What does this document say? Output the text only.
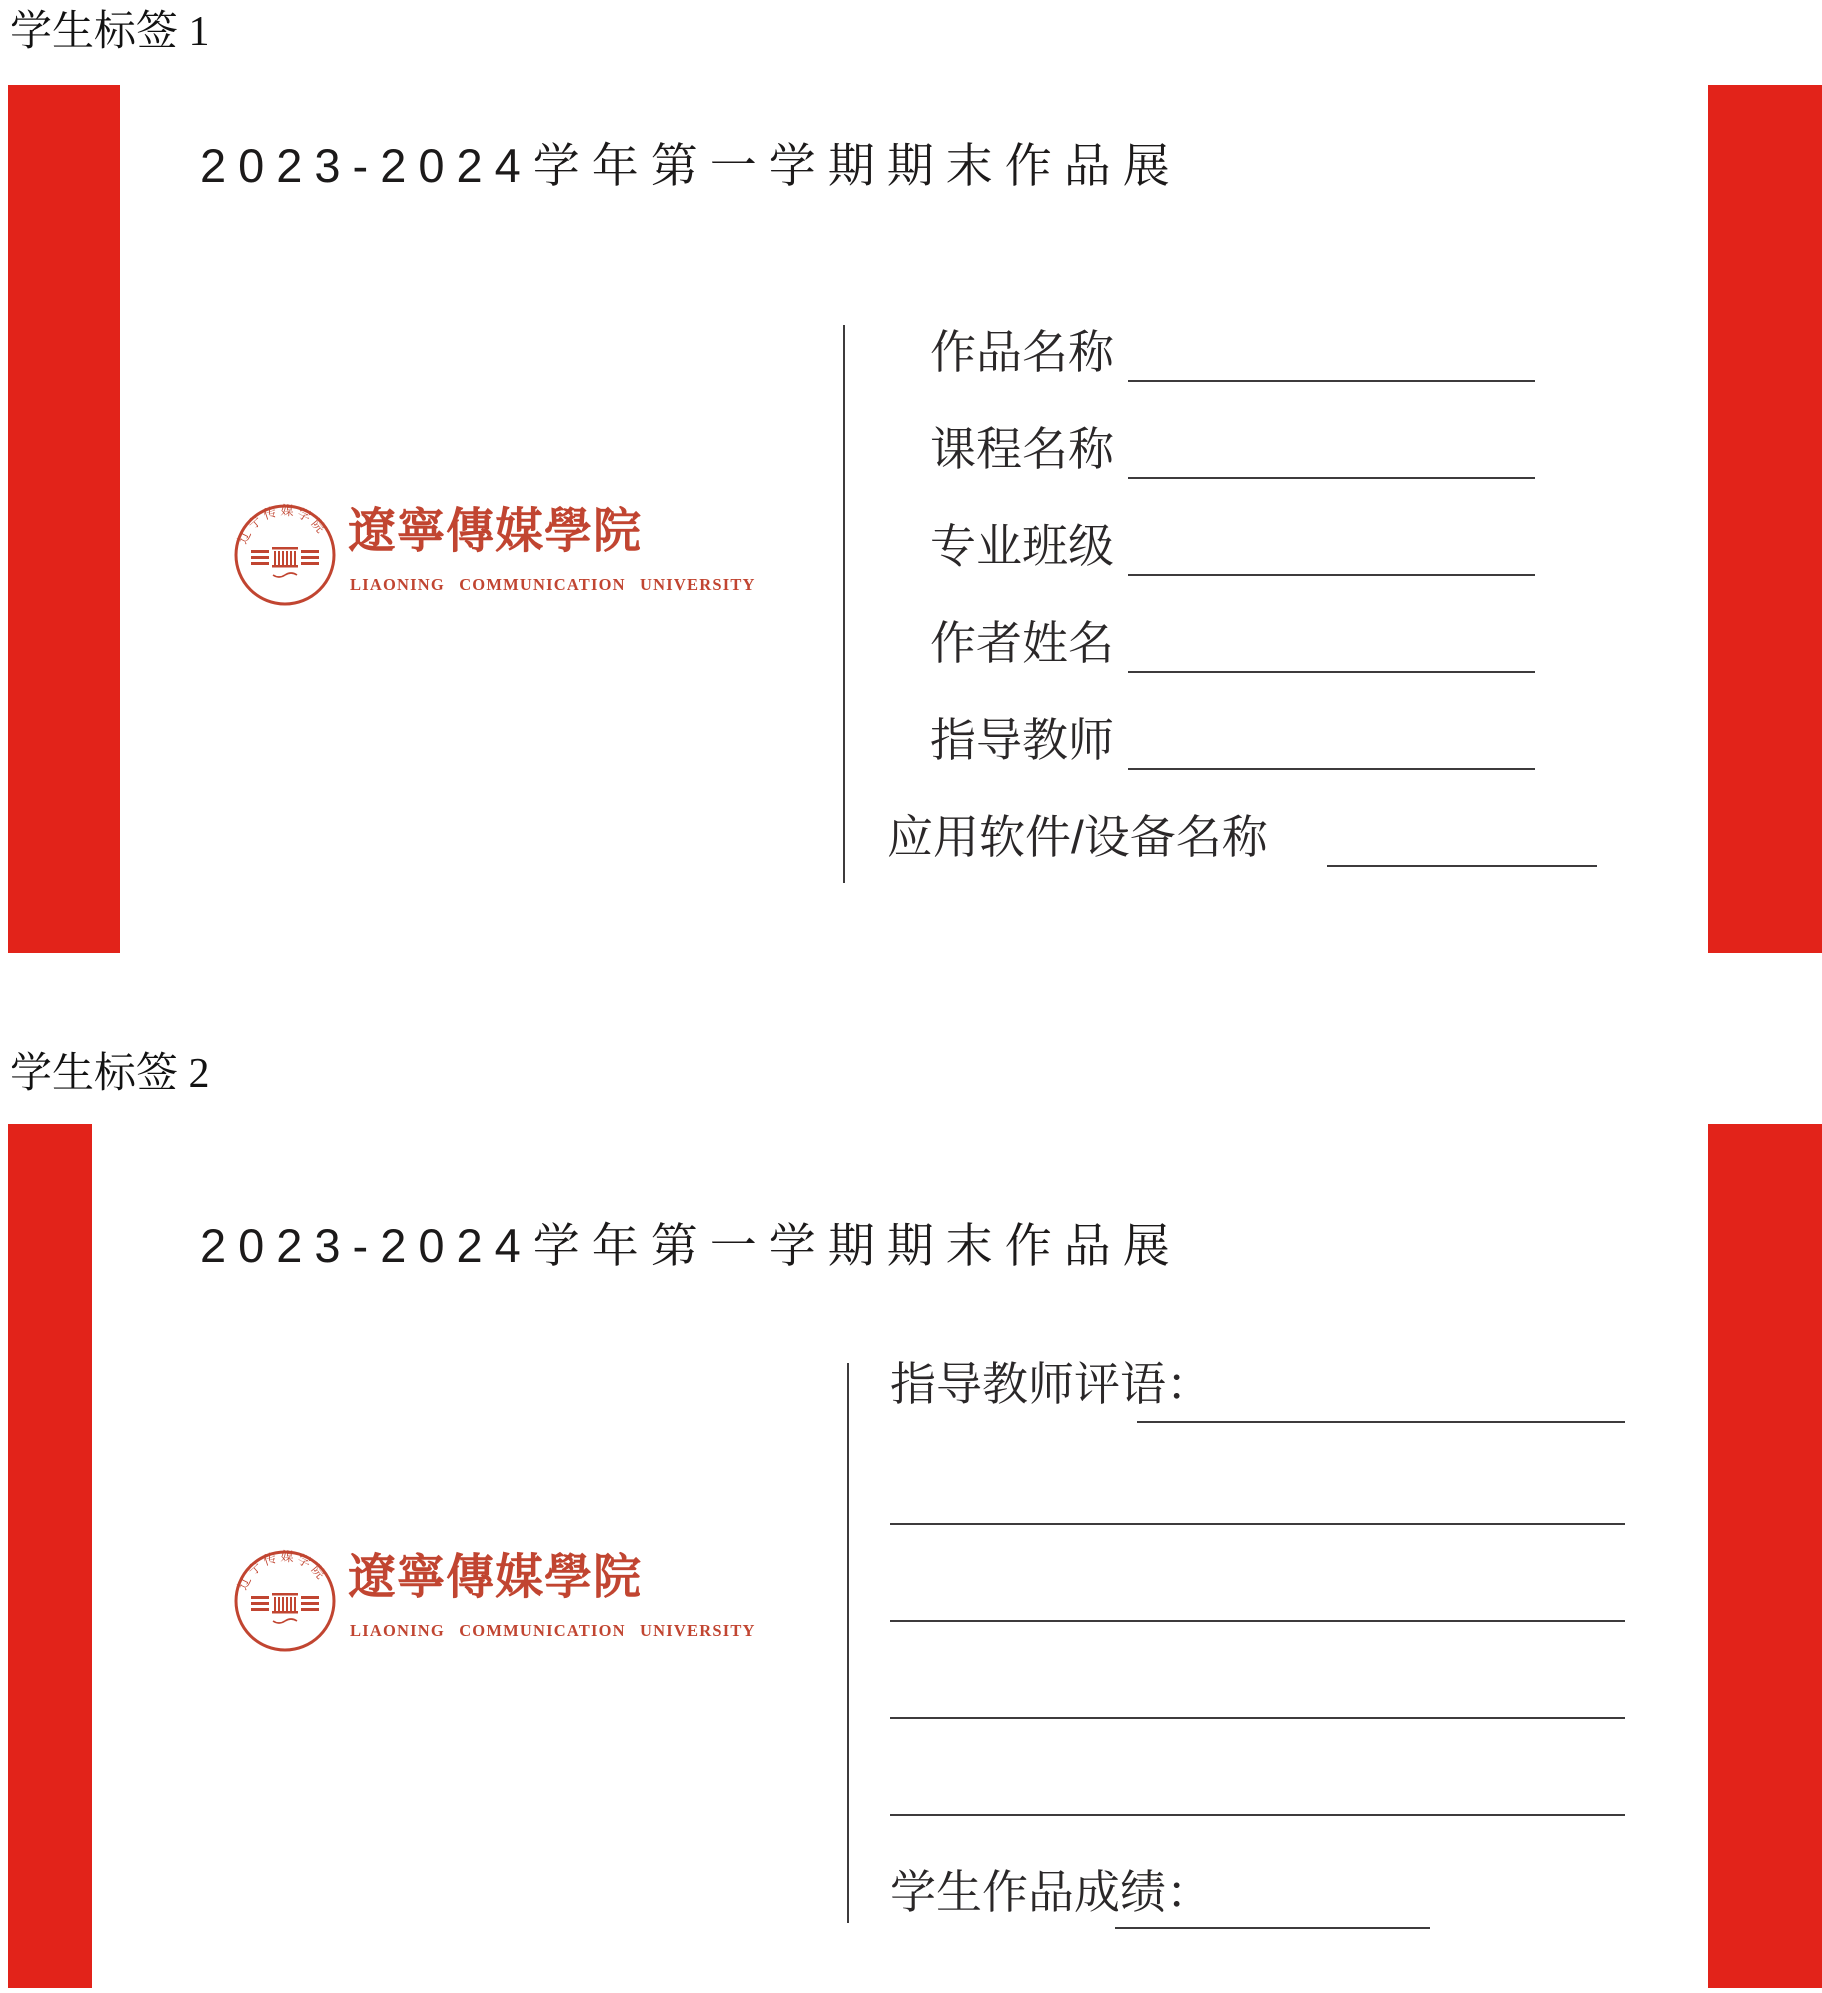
学生标签 1
2023-2024学年第一学期期末作品展
辽宁传媒学院 遼寧傳媒學院
LIAONING COMMUNICATION UNIVERSITY
作品名称
课程名称
专业班级
作者姓名
指导教师
应用软件/设备名称
学生标签 2
2023-2024学年第一学期期末作品展
辽宁传媒学院 遼寧傳媒學院
LIAONING COMMUNICATION UNIVERSITY
指导教师评语：
学生作品成绩：
